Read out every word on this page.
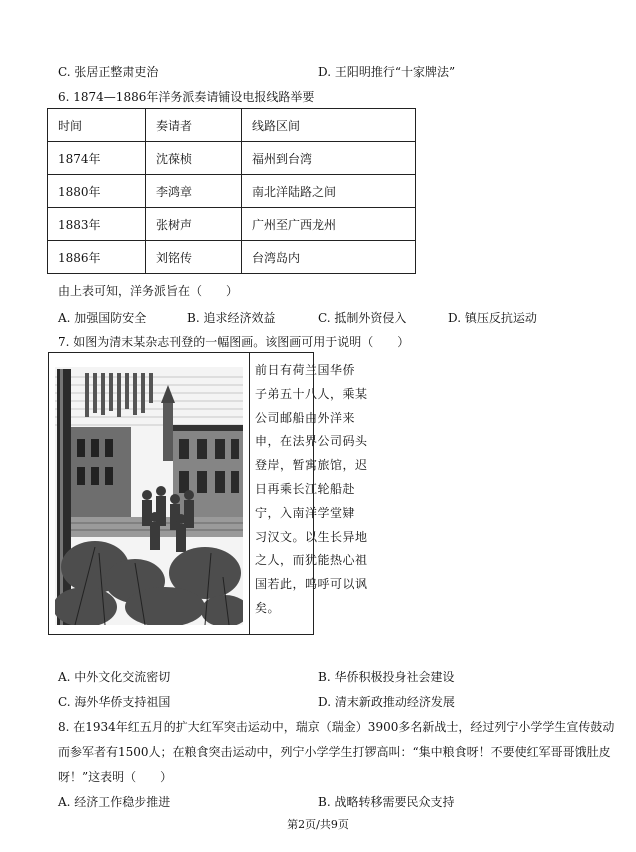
C. 张居正整肃吏治	D. 王阳明推行“十家牌法”
6. 1874—1886年洋务派奏请铺设电报线路举要
时间	奏请者	线路区间
1874年	沈葆桢	福州到台湾
1880年	李鸿章	南北洋陆路之间
1883年	张树声	广州至广西龙州
1886年	刘铭传	台湾岛内
由上表可知，洋务派旨在（　　）
A. 加强国防安全	B. 追求经济效益	C. 抵制外资侵入	D. 镇压反抗运动
7. 如图为清末某杂志刊登的一幅图画。该图画可用于说明（　　）
前日有荷兰国华侨
子弟五十八人，乘某
公司邮船由外洋来
申，在法界公司码头
登岸，暂寓旅馆，迟
日再乘长江轮船赴
宁，入南洋学堂肄
习汉文。以生长异地
之人，而犹能热心祖
国若此，呜呼可以讽
矣。
A. 中外文化交流密切	B. 华侨积极投身社会建设
C. 海外华侨支持祖国	D. 清末新政推动经济发展
8. 在1934年红五月的扩大红军突击运动中，瑞京（瑞金）3900多名新战士，经过列宁小学学生宣传鼓动
而参军者有1500人；在粮食突击运动中，列宁小学学生打锣高叫：“集中粮食呀！不要使红军哥哥饿肚皮
呀！”这表明（　　）
A. 经济工作稳步推进	B. 战略转移需要民众支持
第2页/共9页
